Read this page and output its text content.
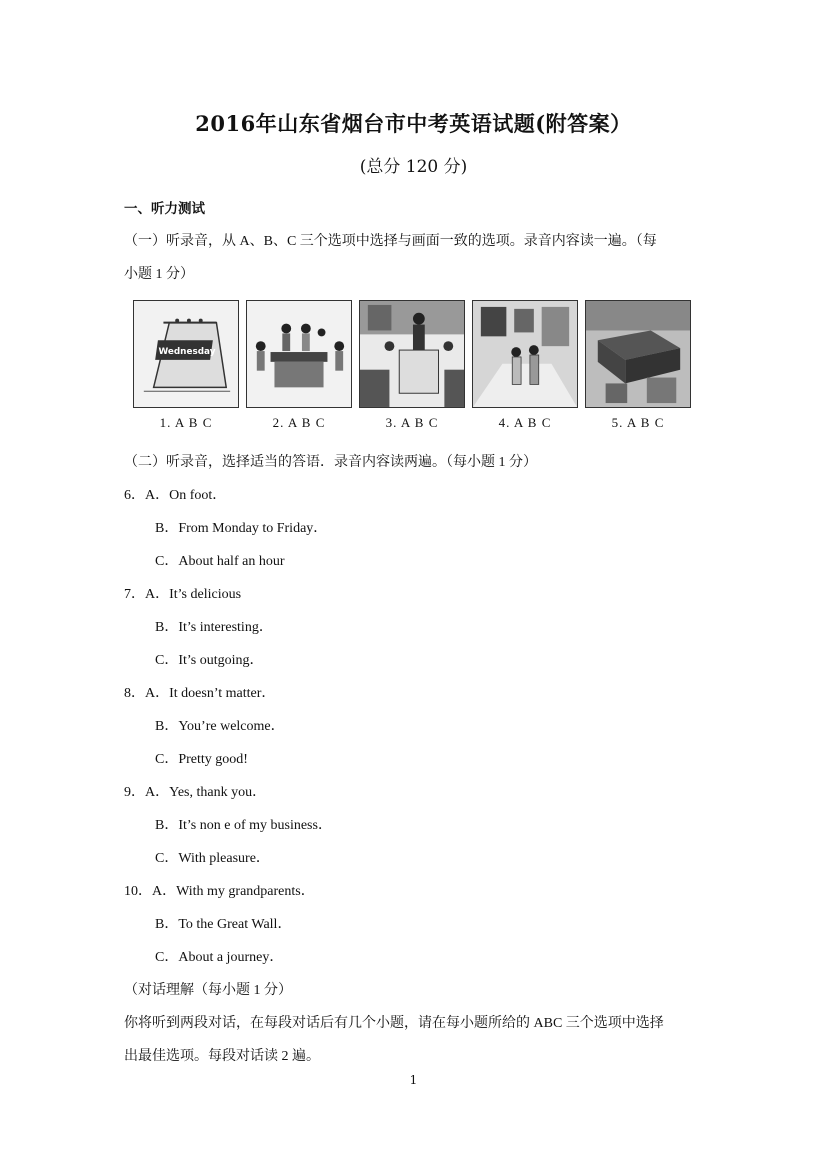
2016年山东省烟台市中考英语试题(附答案）
(总分 120 分)
一、听力测试
（一）听录音，从 A、B、C 三个选项中选择与画面一致的选项。录音内容读一遍。（每
小题 1 分）
Wednesday
1. A B C	2. A B C	3. A B C	4. A B C	5. A B C
（二）听录音，选择适当的答语．录音内容读两遍。（每小题 1 分）
6．A．On foot．
B．From Monday to Friday．
C．About half an hour
7．A．It’s delicious
B．It’s interesting．
C．It’s outgoing．
8．A．It doesn’t matter．
B．You’re welcome．
C．Pretty good!
9．A．Yes, thank you．
B．It’s non e of my business．
C．With pleasure．
10．A．With my grandparents．
B．To the Great Wall．
C．About a journey．
（对话理解（每小题 1 分）
你将听到两段对话，在每段对话后有几个小题，请在每小题所给的 ABC 三个选项中选择
出最佳选项。每段对话读 2 遍。
1
